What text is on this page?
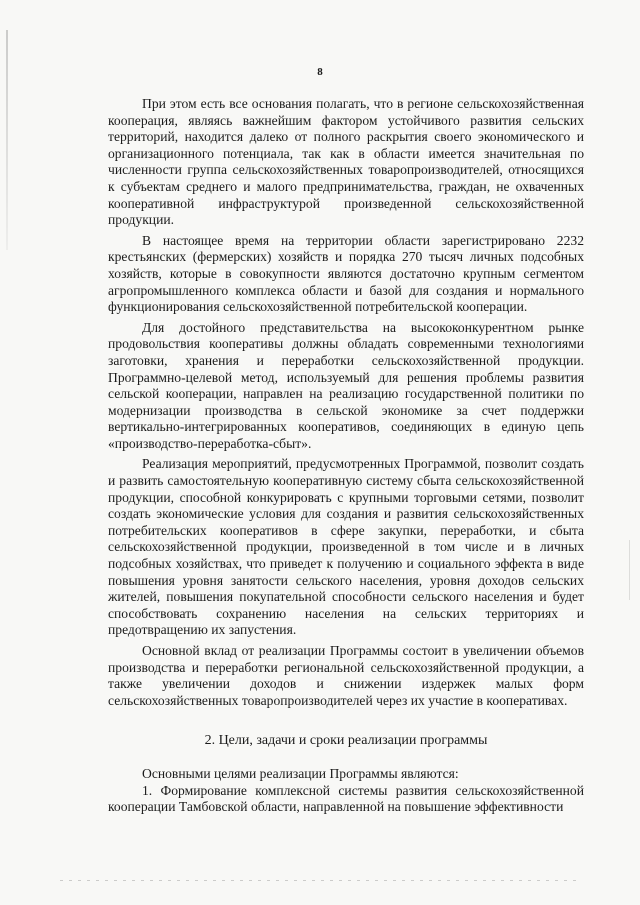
8

При этом есть все основания полагать, что в регионе сельскохозяйственная кооперация, являясь важнейшим фактором устойчивого развития сельских территорий, находится далеко от полного раскрытия своего экономического и организационного потенциала, так как в области имеется значительная по численности группа сельскохозяйственных товаропроизводителей, относящихся к субъектам среднего и малого предпринимательства, граждан, не охваченных кооперативной инфраструктурой произведенной сельскохозяйственной продукции.

В настоящее время на территории области зарегистрировано 2232 крестьянских (фермерских) хозяйств и порядка 270 тысяч личных подсобных хозяйств, которые в совокупности являются достаточно крупным сегментом агропромышленного комплекса области и базой для создания и нормального функционирования сельскохозяйственной потребительской кооперации.

Для достойного представительства на высококонкурентном рынке продовольствия кооперативы должны обладать современными технологиями заготовки, хранения и переработки сельскохозяйственной продукции. Программно-целевой метод, используемый для решения проблемы развития сельской кооперации, направлен на реализацию государственной политики по модернизации производства в сельской экономике за счет поддержки вертикально-интегрированных кооперативов, соединяющих в единую цепь «производство-переработка-сбыт».

Реализация мероприятий, предусмотренных Программой, позволит создать и развить самостоятельную кооперативную систему сбыта сельскохозяйственной продукции, способной конкурировать с крупными торговыми сетями, позволит создать экономические условия для создания и развития сельскохозяйственных потребительских кооперативов в сфере закупки, переработки, и сбыта сельскохозяйственной продукции, произведенной в том числе и в личных подсобных хозяйствах, что приведет к получению и социального эффекта в виде повышения уровня занятости сельского населения, уровня доходов сельских жителей, повышения покупательной способности сельского населения и будет способствовать сохранению населения на сельских территориях и предотвращению их запустения.

Основной вклад от реализации Программы состоит в увеличении объемов производства и переработки региональной сельскохозяйственной продукции, а также увеличении доходов и снижении издержек малых форм сельскохозяйственных товаропроизводителей через их участие в кооперативах.

2. Цели, задачи и сроки реализации программы

Основными целями реализации Программы являются:

1. Формирование комплексной системы развития сельскохозяйственной кооперации Тамбовской области, направленной на повышение эффективности
